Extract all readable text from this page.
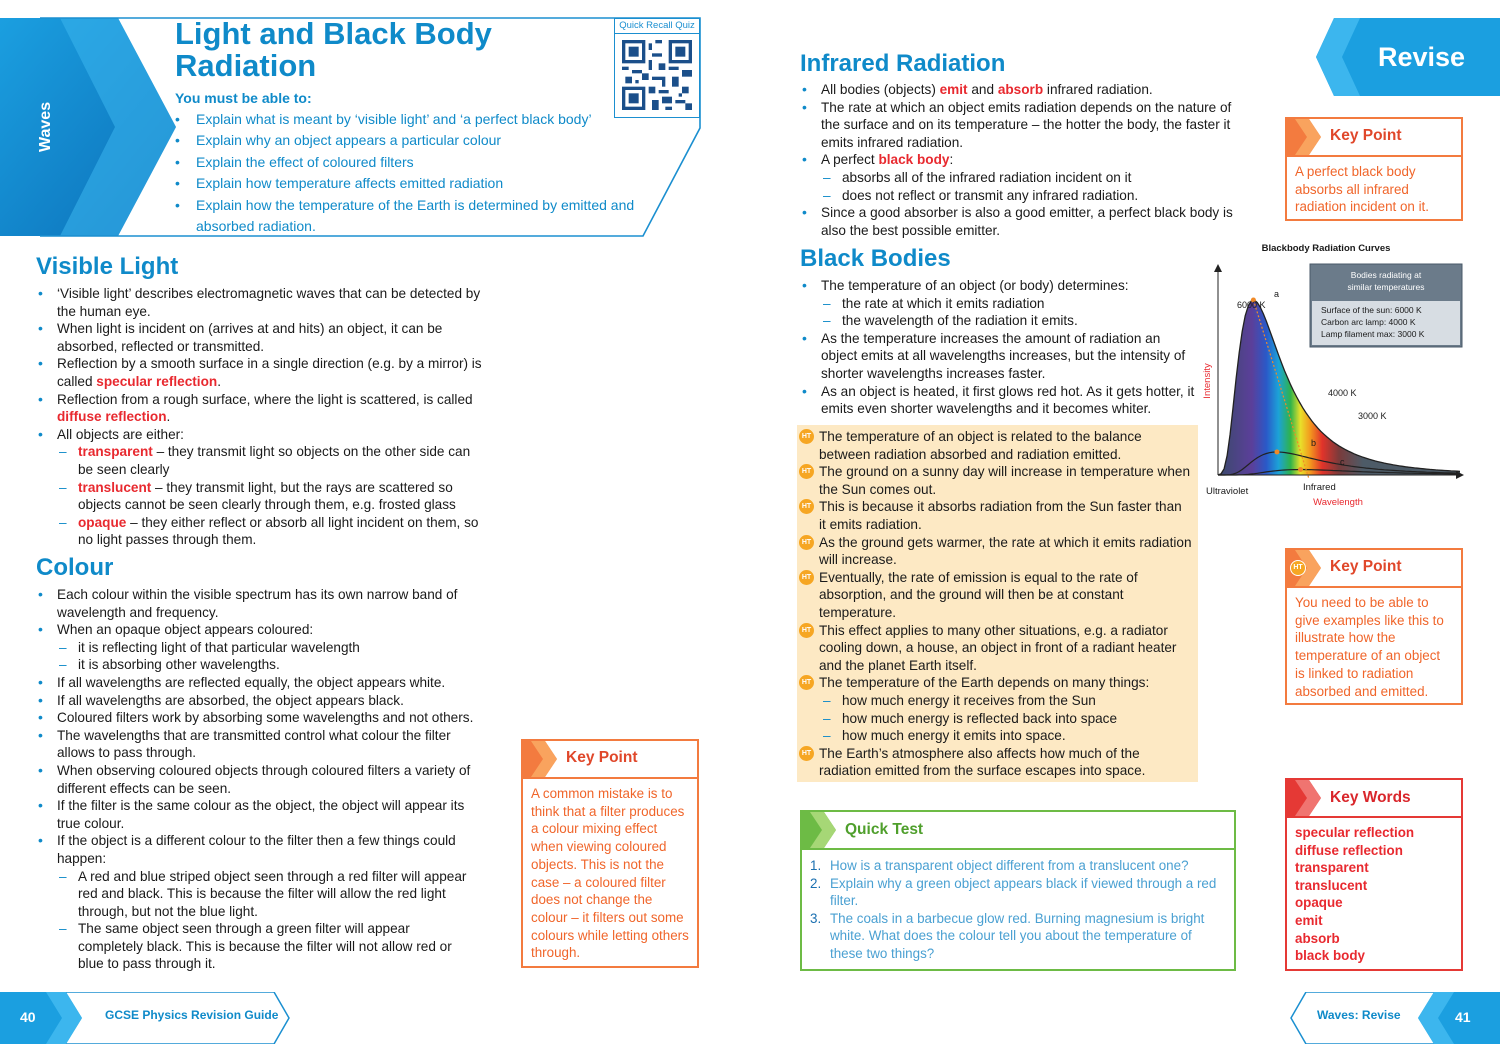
Waves
Light and Black Body
Radiation
Quick Recall Quiz
You must be able to:
• Explain what is meant by ‘visible light’ and ‘a perfect black body’
• Explain why an object appears a particular colour
• Explain the effect of coloured filters
• Explain how temperature affects emitted radiation
• Explain how the temperature of the Earth is determined by emitted and
absorbed radiation.
Visible Light
• ‘Visible light’ describes electromagnetic waves that can be detected by the human eye.
• When light is incident on (arrives at and hits) an object, it can be absorbed, reflected or transmitted.
• Reflection by a smooth surface in a single direction (e.g. by a mirror) is called specular reflection.
• Reflection from a rough surface, where the light is scattered, is called diffuse reflection.
• All objects are either:
– transparent – they transmit light so objects on the other side can be seen clearly
– translucent – they transmit light, but the rays are scattered so objects cannot be seen clearly through them, e.g. frosted glass
– opaque – they either reflect or absorb all light incident on them, so no light passes through them.
Colour
• Each colour within the visible spectrum has its own narrow band of wavelength and frequency.
• When an opaque object appears coloured:
– it is reflecting light of that particular wavelength
– it is absorbing other wavelengths.
• If all wavelengths are reflected equally, the object appears white.
• If all wavelengths are absorbed, the object appears black.
• Coloured filters work by absorbing some wavelengths and not others.
• The wavelengths that are transmitted control what colour the filter allows to pass through.
• When observing coloured objects through coloured filters a variety of different effects can be seen.
• If the filter is the same colour as the object, the object will appear its true colour.
• If the object is a different colour to the filter then a few things could happen:
– A red and blue striped object seen through a red filter will appear red and black. This is because the filter will allow the red light through, but not the blue light.
– The same object seen through a green filter will appear completely black. This is because the filter will not allow red or blue to pass through it.
Key Point
A common mistake is to think that a filter produces a colour mixing effect when viewing coloured objects. This is not the case – a coloured filter does not change the colour – it filters out some colours while letting others through.
40	GCSE Physics Revision Guide
Revise
Infrared Radiation
• All bodies (objects) emit and absorb infrared radiation.
• The rate at which an object emits radiation depends on the nature of the surface and on its temperature – the hotter the body, the faster it emits infrared radiation.
• A perfect black body:
– absorbs all of the infrared radiation incident on it
– does not reflect or transmit any infrared radiation.
• Since a good absorber is also a good emitter, a perfect black body is also the best possible emitter.
Black Bodies
• The temperature of an object (or body) determines:
– the rate at which it emits radiation
– the wavelength of the radiation it emits.
• As the temperature increases the amount of radiation an object emits at all wavelengths increases, but the intensity of shorter wavelengths increases faster.
• As an object is heated, it first glows red hot. As it gets hotter, it emits even shorter wavelengths and it becomes whiter.
HT The temperature of an object is related to the balance between radiation absorbed and radiation emitted.
HT The ground on a sunny day will increase in temperature when the Sun comes out.
HT This is because it absorbs radiation from the Sun faster than it emits radiation.
HT As the ground gets warmer, the rate at which it emits radiation will increase.
HT Eventually, the rate of emission is equal to the rate of absorption, and the ground will then be at constant temperature.
HT This effect applies to many other situations, e.g. a radiator cooling down, a house, an object in front of a radiant heater and the planet Earth itself.
HT The temperature of the Earth depends on many things:
– how much energy it receives from the Sun
– how much energy is reflected back into space
– how much energy it emits into space.
HT The Earth’s atmosphere also affects how much of the radiation emitted from the surface escapes into space.
Quick Test
1. How is a transparent object different from a translucent one?
2. Explain why a green object appears black if viewed through a red filter.
3. The coals in a barbecue glow red. Burning magnesium is bright white. What does the colour tell you about the temperature of these two things?
Key Point
A perfect black body absorbs all infrared radiation incident on it.
HT Key Point
You need to be able to give examples like this to illustrate how the temperature of an object is linked to radiation absorbed and emitted.
Key Words
specular reflection
diffuse reflection
transparent
translucent
opaque
emit
absorb
black body
Blackbody Radiation Curves
Intensity
Wavelength
Ultraviolet	Infrared
6000 K
4000 K
3000 K
a
b
c
Bodies radiating at similar temperatures
Surface of the sun: 6000 K
Carbon arc lamp: 4000 K
Lamp filament max: 3000 K
Waves: Revise	41
